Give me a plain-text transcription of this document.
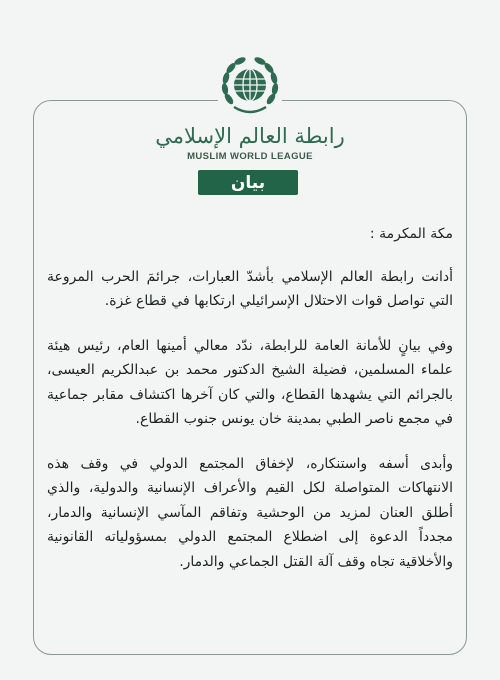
رابطة العالم الإسلامي
MUSLIM WORLD LEAGUE
بيان

مكة المكرمة :

أدانت رابطة العالم الإسلامي بأشدّ العبارات، جرائمَ الحرب المروعة التي تواصل قوات الاحتلال الإسرائيلي ارتكابها في قطاع غزة.

وفي بيانٍ للأمانة العامة للرابطة، ندّد معالي أمينها العام، رئيس هيئة علماء المسلمين، فضيلة الشيخ الدكتور محمد بن عبدالكريم العيسى، بالجرائم التي يشهدها القطاع، والتي كان آخرها اكتشاف مقابر جماعية في مجمع ناصر الطبي بمدينة خان يونس جنوب القطاع.

وأبدى أسفه واستنكاره، لإخفاق المجتمع الدولي في وقف هذه الانتهاكات المتواصلة لكل القيم والأعراف الإنسانية والدولية، والذي أطلق العنان لمزيد من الوحشية وتفاقم المآسي الإنسانية والدمار، مجدداً الدعوة إلى اضطلاع المجتمع الدولي بمسؤولياته القانونية والأخلاقية تجاه وقف آلة القتل الجماعي والدمار.
